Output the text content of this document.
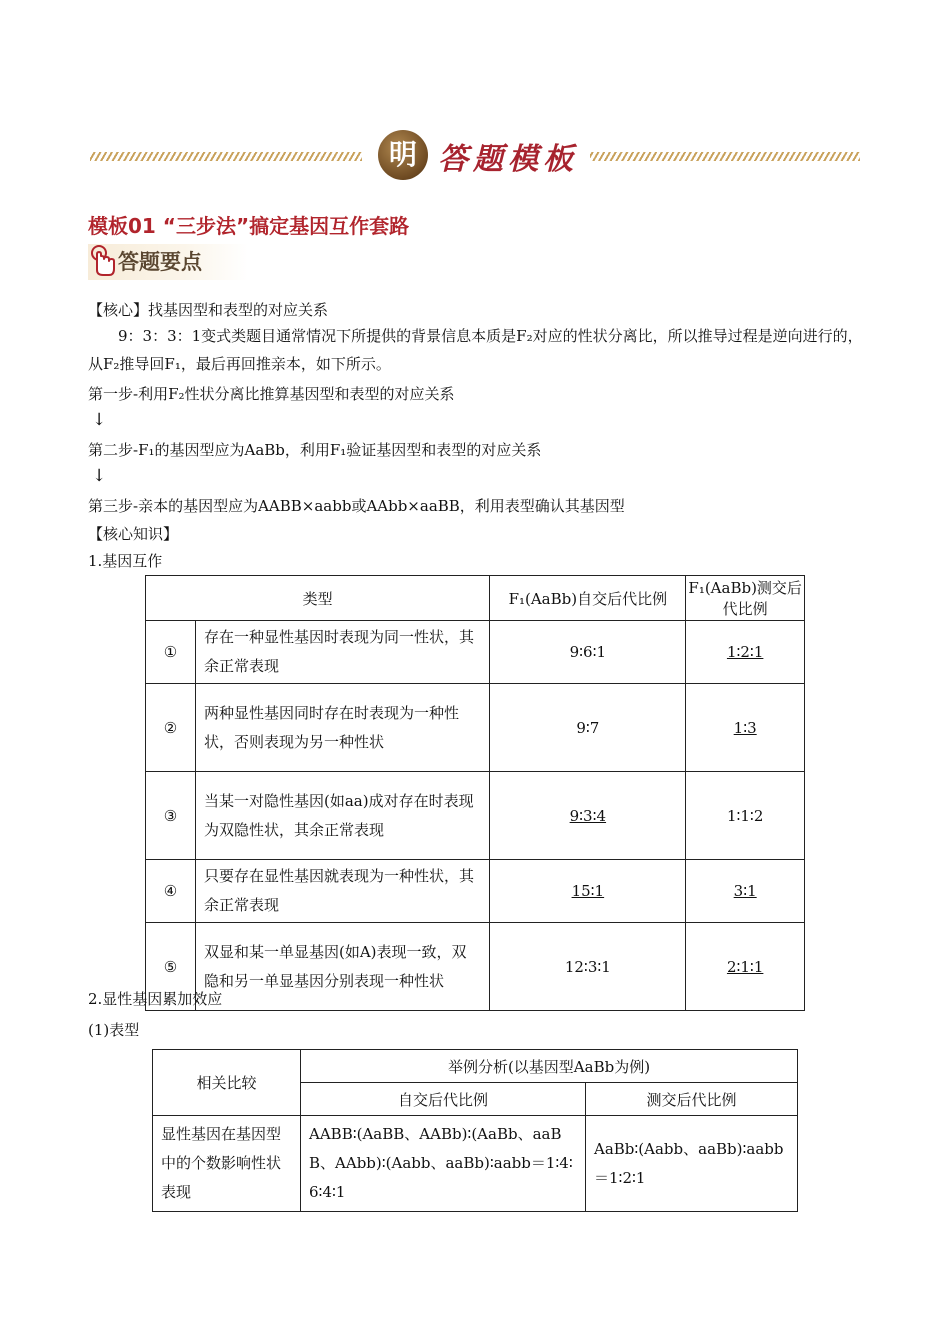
明 答题模板
模板01 “三步法”搞定基因互作套路
答题要点
【核心】找基因型和表型的对应关系
9：3：3：1变式类题目通常情况下所提供的背景信息本质是F₂对应的性状分离比，所以推导过程是逆向进行的，从F₂推导回F₁，最后再回推亲本，如下所示。
第一步-利用F₂性状分离比推算基因型和表型的对应关系
↓
第二步-F₁的基因型应为AaBb，利用F₁验证基因型和表型的对应关系
↓
第三步-亲本的基因型应为AABB×aabb或AAbb×aaBB，利用表型确认其基因型
【核心知识】
1.基因互作
类型		F₁(AaBb)自交后代比例	F₁(AaBb)测交后代比例
①	存在一种显性基因时表现为同一性状，其余正常表现	9∶6∶1	1∶2∶1
②	两种显性基因同时存在时表现为一种性状，否则表现为另一种性状	9∶7	1∶3
③	当某一对隐性基因(如aa)成对存在时表现为双隐性状，其余正常表现	9∶3∶4	1∶1∶2
④	只要存在显性基因就表现为一种性状，其余正常表现	15∶1	3∶1
⑤	双显和某一单显基因(如A)表现一致，双隐和另一单显基因分别表现一种性状	12∶3∶1	2∶1∶1
2.显性基因累加效应
(1)表型
相关比较	举例分析(以基因型AaBb为例)	
	自交后代比例	测交后代比例
显性基因在基因型中的个数影响性状表现	AABB∶(AaBB、AABb)∶(AaBb、aaBB、AAbb)∶(Aabb、aaBb)∶aabb＝1∶4∶6∶4∶1	AaBb∶(Aabb、aaBb)∶aabb＝1∶2∶1
